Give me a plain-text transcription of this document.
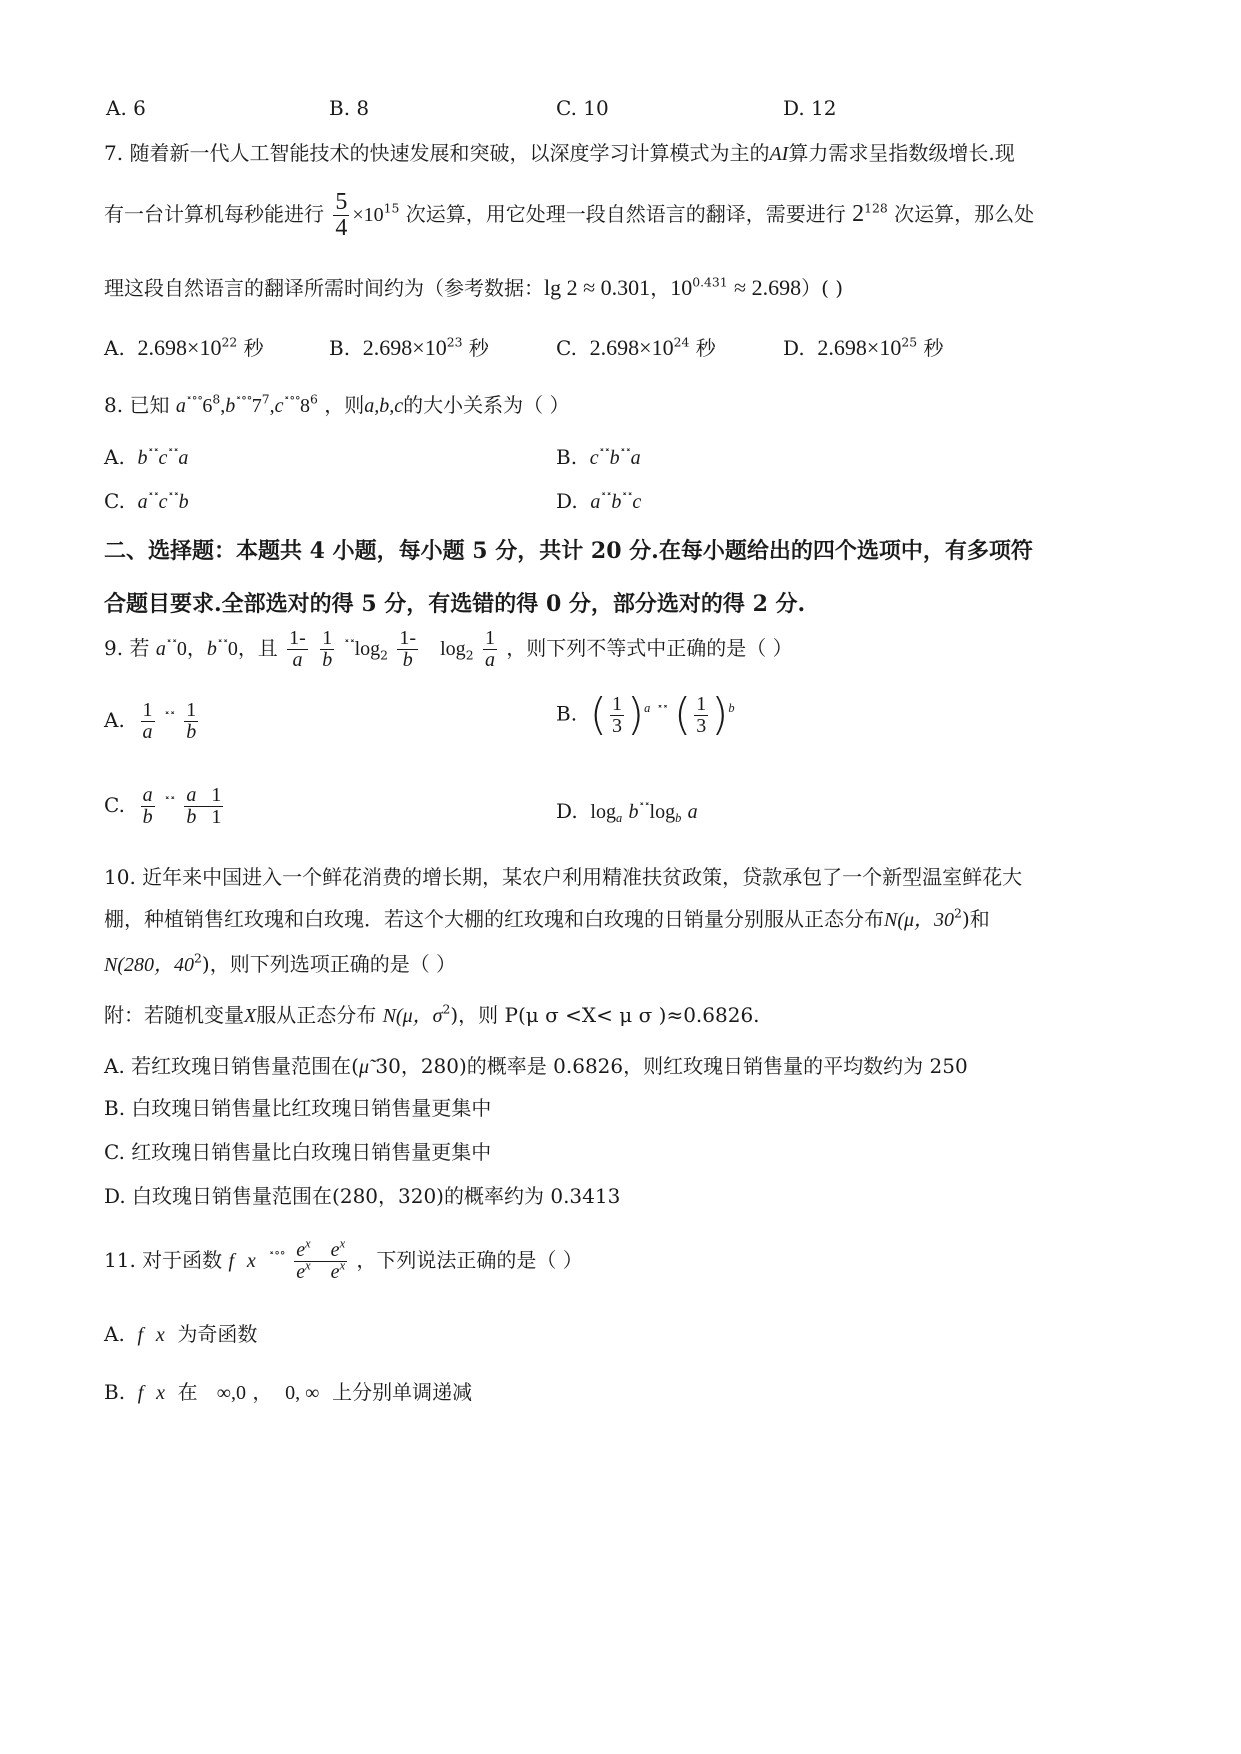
A. 6	B. 8	C. 10	D. 12
7. 随着新一代人工智能技术的快速发展和突破，以深度学习计算模式为主的AI算力需求呈指数级增长.现
有一台计算机每秒能进行 $\frac{5}{4} \times 10^{15}$ 次运算，用它处理一段自然语言的翻译，需要进行 $2^{128}$ 次运算，那么处
理这段自然语言的翻译所需时间约为（参考数据：lg 2 ≈ 0.301，$10^{0.431} \approx 2.698$）( )
A. $2.698\times 10^{22}$ 秒	B. $2.698\times 10^{23}$ 秒	C. $2.698\times 10^{24}$ 秒	D. $2.698\times 10^{25}$ 秒
8. 已知 $a^{˟˚˚}6^8,b^{˟˚˚}7^7,c^{˟˚˚}8^6$ ，则a,b,c的大小关系为（ ）
A. b˟˟c˟˟a	B. c˟˟b˟˟a
C. a˟˟c˟˟b	D. a˟˟b˟˟c
二、选择题：本题共 4 小题，每小题 5 分，共计 20 分.在每小题给出的四个选项中，有多项符
合题目要求.全部选对的得 5 分，有选错的得 0 分，部分选对的得 2 分.
9. 若 a˟˟0，b˟˟0，且 $\frac{1-}{a}$
$\frac{1}{b} ^{˟˟}\log_2 \frac{1-}{b} \log_2 \frac{1}{a}$ ，则下列不等式中正确的是（ ）
A. $\frac{1}{a} ^{˟˟} \frac{1}{b}$	B. ( $\frac{1}{3} )^a$ ˟˟ ( $\frac{1}{3} )^b$
C. $\frac{a}{b} ^{˟˟} \frac{a 1}{b 1}$	D. $\log_a b^{˟˟}\log_b$ a
10. 近年来中国进入一个鲜花消费的增长期，某农户利用精准扶贫政策，贷款承包了一个新型温室鲜花大
棚，种植销售红玫瑰和白玫瑰．若这个大棚的红玫瑰和白玫瑰的日销量分别服从正态分布N(μ，$30^2$)和
N(280，$40^2$)，则下列选项正确的是（ ）
附：若随机变量X服从正态分布 N(μ，$\sigma^2$)，则 P(μ σ <X< μ σ )≈0.6826.
A. 若红玫瑰日销售量范围在(μ̃ 30，280)的概率是 0.6826，则红玫瑰日销售量的平均数约为 250
B. 白玫瑰日销售量比红玫瑰日销售量更集中
C. 红玫瑰日销售量比白玫瑰日销售量更集中
D. 白玫瑰日销售量范围在(280，320)的概率约为 0.3413
11. 对于函数 f x $^{˟˚˚} \frac{e^x e^x}{e^x e^x}$ ，下列说法正确的是（ ）
A. f x 为奇函数
B. f x 在 ∞,0 ，  0, ∞ 上分别单调递减
